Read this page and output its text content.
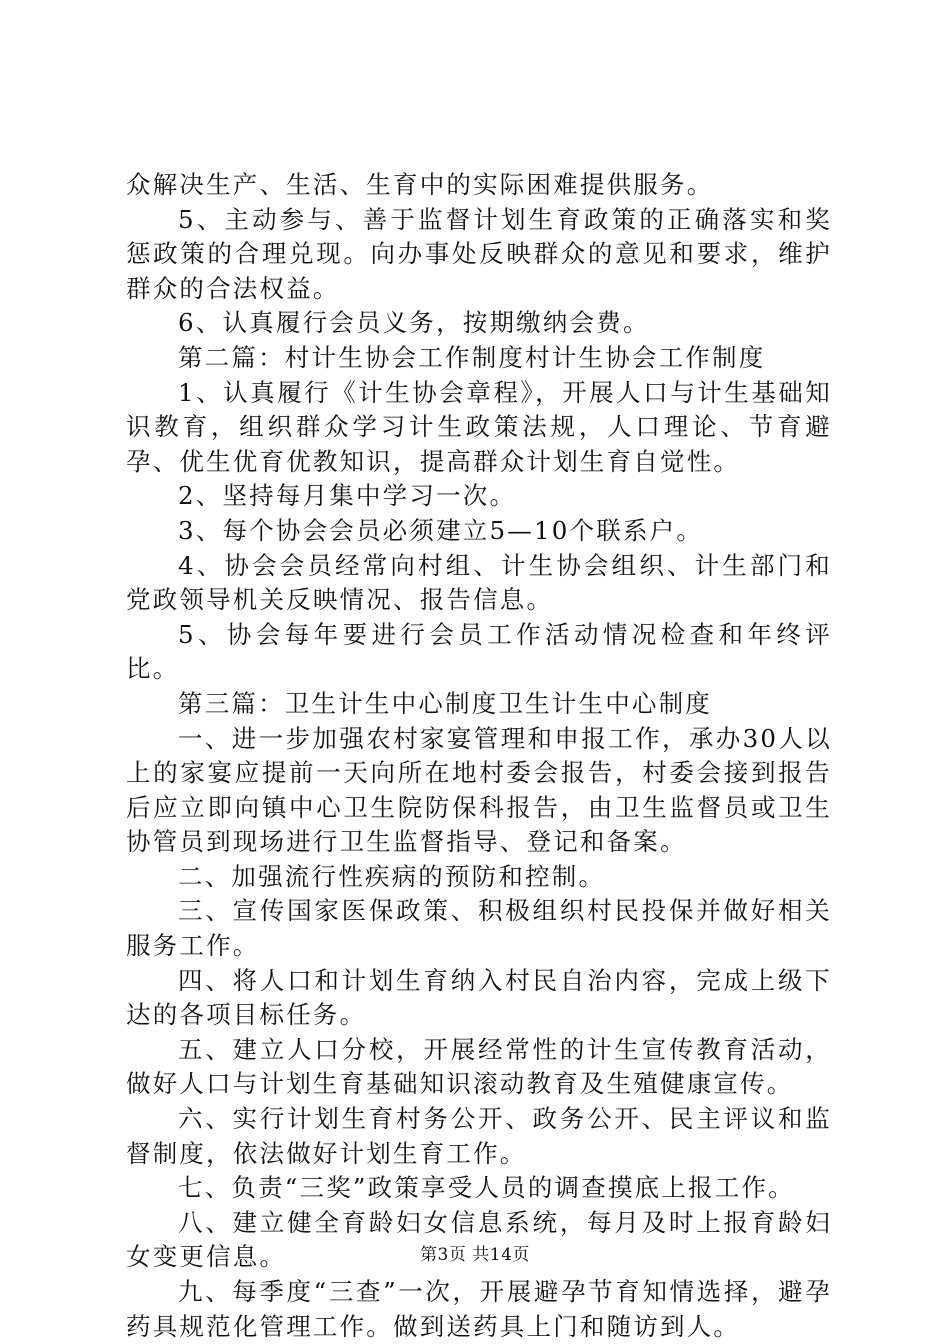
众解决生产、生活、生育中的实际困难提供服务。

5、主动参与、善于监督计划生育政策的正确落实和奖惩政策的合理兑现。向办事处反映群众的意见和要求，维护群众的合法权益。

6、认真履行会员义务，按期缴纳会费。

第二篇：村计生协会工作制度村计生协会工作制度

1、认真履行《计生协会章程》，开展人口与计生基础知识教育，组织群众学习计生政策法规，人口理论、节育避孕、优生优育优教知识，提高群众计划生育自觉性。

2、坚持每月集中学习一次。

3、每个协会会员必须建立5—10个联系户。

4、协会会员经常向村组、计生协会组织、计生部门和党政领导机关反映情况、报告信息。

5、协会每年要进行会员工作活动情况检查和年终评比。

第三篇：卫生计生中心制度卫生计生中心制度

一、进一步加强农村家宴管理和申报工作，承办30人以上的家宴应提前一天向所在地村委会报告，村委会接到报告后应立即向镇中心卫生院防保科报告，由卫生监督员或卫生协管员到现场进行卫生监督指导、登记和备案。

二、加强流行性疾病的预防和控制。

三、宣传国家医保政策、积极组织村民投保并做好相关服务工作。

四、将人口和计划生育纳入村民自治内容，完成上级下达的各项目标任务。

五、建立人口分校，开展经常性的计生宣传教育活动，做好人口与计划生育基础知识滚动教育及生殖健康宣传。

六、实行计划生育村务公开、政务公开、民主评议和监督制度，依法做好计划生育工作。

七、负责“三奖”政策享受人员的调查摸底上报工作。

八、建立健全育龄妇女信息系统，每月及时上报育龄妇女变更信息。

九、每季度“三查”一次，开展避孕节育知情选择，避孕药具规范化管理工作。做到送药具上门和随访到人。

第3页 共14页
